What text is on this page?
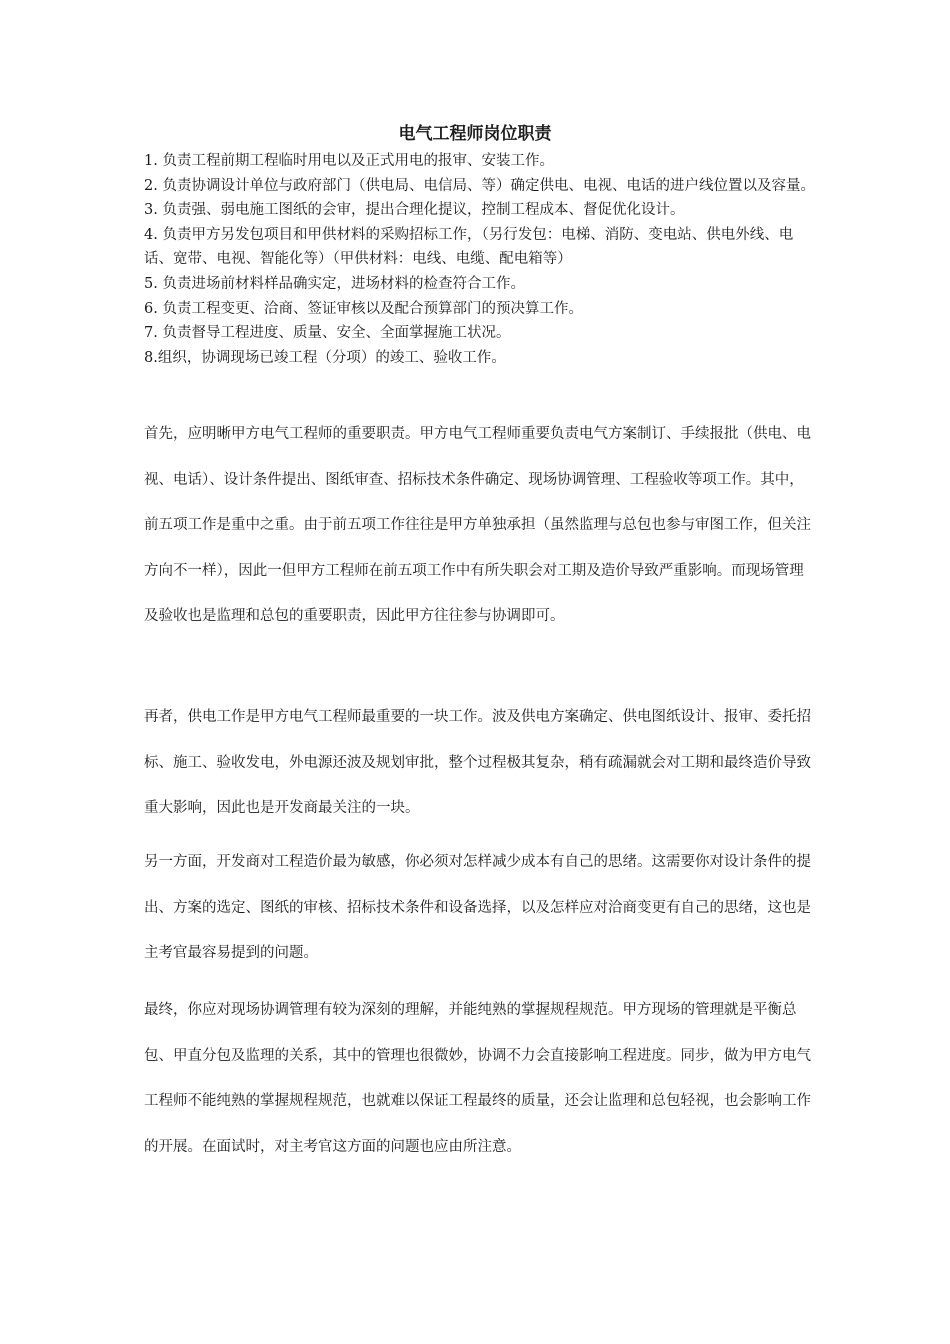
电气工程师岗位职责
1. 负责工程前期工程临时用电以及正式用电的报审、安装工作。
2. 负责协调设计单位与政府部门（供电局、电信局、等）确定供电、电视、电话的进户线位置以及容量。
3. 负责强、弱电施工图纸的会审，提出合理化提议，控制工程成本、督促优化设计。
4. 负责甲方另发包项目和甲供材料的采购招标工作，（另行发包：电梯、消防、变电站、供电外线、电话、宽带、电视、智能化等）（甲供材料：电线、电缆、配电箱等）
5. 负责进场前材料样品确实定，进场材料的检查符合工作。
6. 负责工程变更、洽商、签证审核以及配合预算部门的预决算工作。
7. 负责督导工程进度、质量、安全、全面掌握施工状况。
8.组织，协调现场已竣工程（分项）的竣工、验收工作。

首先，应明晰甲方电气工程师的重要职责。甲方电气工程师重要负责电气方案制订、手续报批（供电、电视、电话）、设计条件提出、图纸审查、招标技术条件确定、现场协调管理、工程验收等项工作。其中，前五项工作是重中之重。由于前五项工作往往是甲方单独承担（虽然监理与总包也参与审图工作，但关注方向不一样），因此一但甲方工程师在前五项工作中有所失职会对工期及造价导致严重影响。而现场管理及验收也是监理和总包的重要职责，因此甲方往往参与协调即可。

再者，供电工作是甲方电气工程师最重要的一块工作。波及供电方案确定、供电图纸设计、报审、委托招标、施工、验收发电，外电源还波及规划审批，整个过程极其复杂，稍有疏漏就会对工期和最终造价导致重大影响，因此也是开发商最关注的一块。

另一方面，开发商对工程造价最为敏感，你必须对怎样减少成本有自己的思绪。这需要你对设计条件的提出、方案的选定、图纸的审核、招标技术条件和设备选择，以及怎样应对洽商变更有自己的思绪，这也是主考官最容易提到的问题。

最终，你应对现场协调管理有较为深刻的理解，并能纯熟的掌握规程规范。甲方现场的管理就是平衡总包、甲直分包及监理的关系，其中的管理也很微妙，协调不力会直接影响工程进度。同步，做为甲方电气工程师不能纯熟的掌握规程规范，也就难以保证工程最终的质量，还会让监理和总包轻视，也会影响工作的开展。在面试时，对主考官这方面的问题也应由所注意。
